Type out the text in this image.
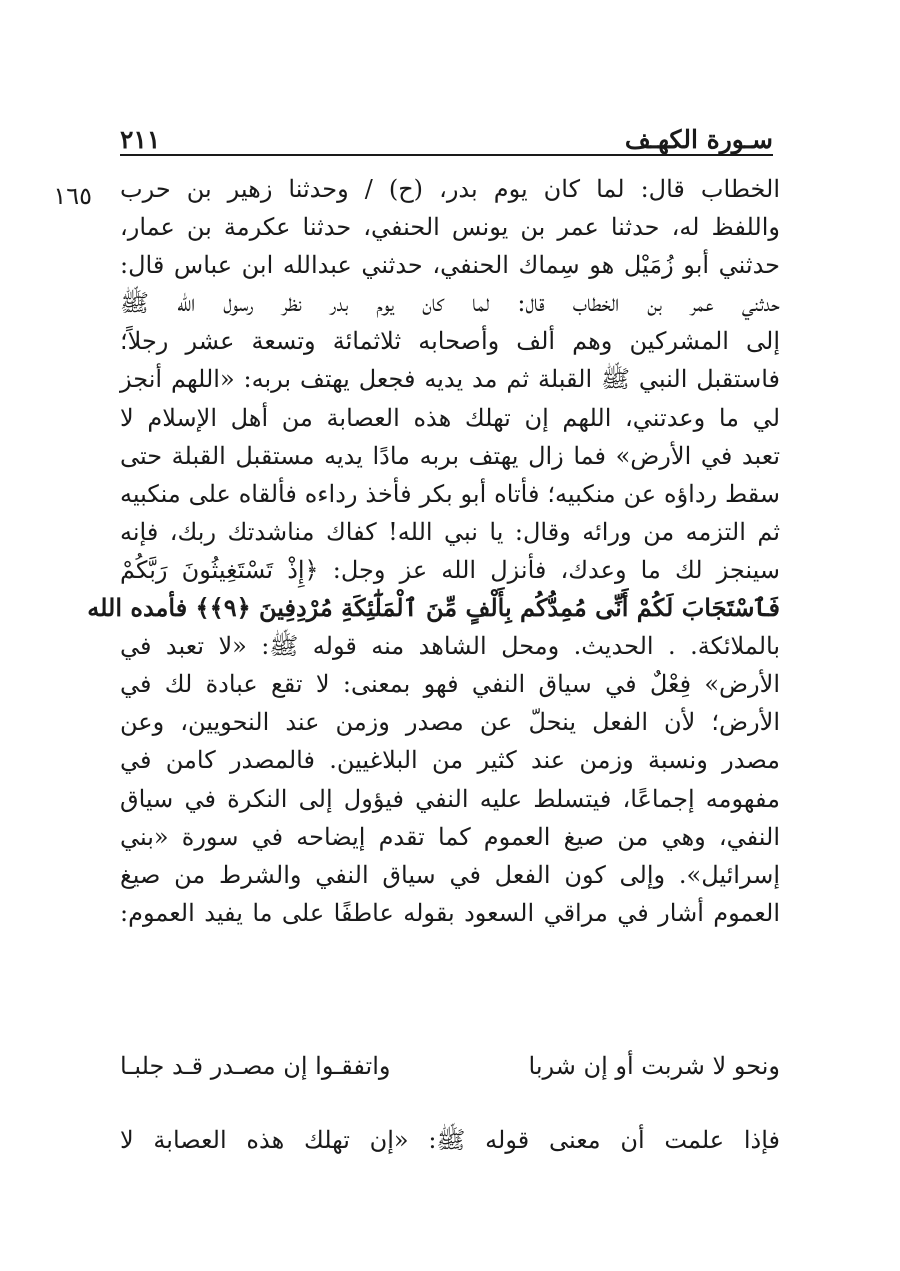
سـورة الكهـف
٢١١
١٦٥ الخطاب قال: لما كان يوم بدر، (ح) / وحدثنا زهير بن حرب
واللفظ له، حدثنا عمر بن يونس الحنفي، حدثنا عكرمة بن عمار،
حدثني أبو زُمَيْل هو سِماك الحنفي، حدثني عبدالله ابن عباس قال:
حدثني عمر بن الخطاب قال: لما كان يوم بدر نظر رسول الله ﷺ
إلى المشركين وهم ألف وأصحابه ثلاثمائة وتسعة عشر رجلاً؛
فاستقبل النبي ﷺ القبلة ثم مد يديه فجعل يهتف بربه: «اللهم أنجز
لي ما وعدتني، اللهم إن تهلك هذه العصابة من أهل الإسلام لا
تعبد في الأرض» فما زال يهتف بربه مادًا يديه مستقبل القبلة حتى
سقط رداؤه عن منكبيه؛ فأتاه أبو بكر فأخذ رداءه فألقاه على منكبيه
ثم التزمه من ورائه وقال: يا نبي الله! كفاك مناشدتك ربك، فإنه
سينجز لك ما وعدك، فأنزل الله عز وجل: ﴿إِذْ تَسْتَغِيثُونَ رَبَّكُمْ
فَٱسْتَجَابَ لَكُمْ أَنِّى مُمِدُّكُم بِأَلْفٍ مِّنَ ٱلْمَلَٰٓئِكَةِ مُرْدِفِينَ ﴿٩﴾﴾ فأمده الله
بالملائكة. . الحديث. ومحل الشاهد منه قوله ﷺ: «لا تعبد في
الأرض» فِعْلٌ في سياق النفي فهو بمعنى: لا تقع عبادة لك في
الأرض؛ لأن الفعل ينحلّ عن مصدر وزمن عند النحويين، وعن
مصدر ونسبة وزمن عند كثير من البلاغيين. فالمصدر كامن في
مفهومه إجماعًا، فيتسلط عليه النفي فيؤول إلى النكرة في سياق
النفي، وهي من صيغ العموم كما تقدم إيضاحه في سورة «بني
إسرائيل». وإلى كون الفعل في سياق النفي والشرط من صيغ
العموم أشار في مراقي السعود بقوله عاطفًا على ما يفيد العموم:
ونحو لا شربت أو إن شربا
واتفقـوا إن مصـدر قـد جلبـا
فإذا علمت أن معنى قوله ﷺ: «إن تهلك هذه العصابة لا
